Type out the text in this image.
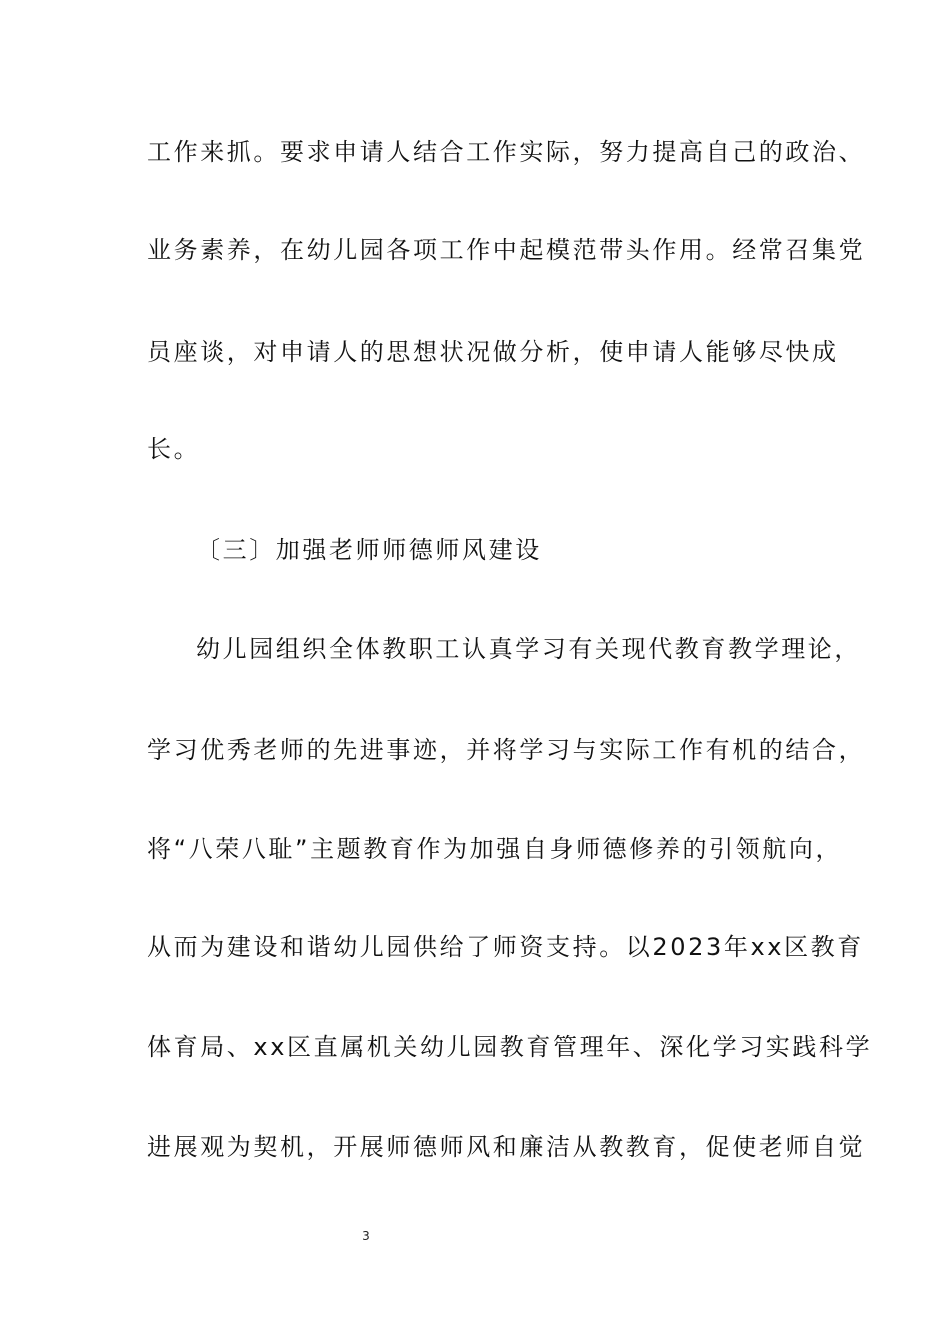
工作来抓。要求申请人结合工作实际，努力提高自己的政治、
业务素养，在幼儿园各项工作中起模范带头作用。经常召集党
员座谈，对申请人的思想状况做分析，使申请人能够尽快成
长。
〔三〕加强老师师德师风建设
幼儿园组织全体教职工认真学习有关现代教育教学理论，
学习优秀老师的先进事迹，并将学习与实际工作有机的结合，
将“八荣八耻”主题教育作为加强自身师德修养的引领航向，
从而为建设和谐幼儿园供给了师资支持。以2023年xx区教育
体育局、xx区直属机关幼儿园教育管理年、深化学习实践科学
进展观为契机，开展师德师风和廉洁从教教育，促使老师自觉
3
